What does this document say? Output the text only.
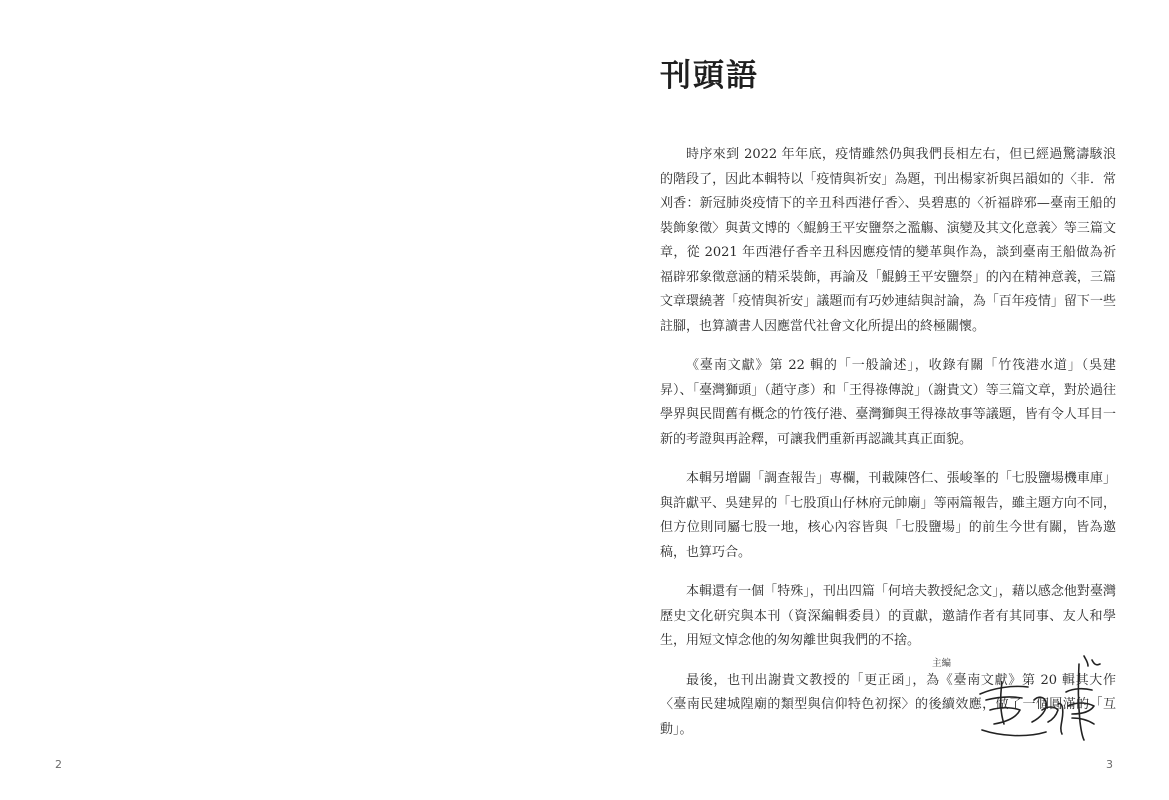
2
刊頭語

時序來到 2022 年年底，疫情雖然仍與我們長相左右，但已經過驚濤駭浪的階段了，因此本輯特以「疫情與祈安」為題，刊出楊家祈與呂韻如的〈非．常刈香：新冠肺炎疫情下的辛丑科西港仔香〉、吳碧惠的〈祈福辟邪—臺南王船的裝飾象徵〉與黃文博的〈鯤鯓王平安鹽祭之濫觴、演變及其文化意義〉等三篇文章，從 2021 年西港仔香辛丑科因應疫情的變革與作為，談到臺南王船做為祈福辟邪象徵意涵的精采裝飾，再論及「鯤鯓王平安鹽祭」的內在精神意義，三篇文章環繞著「疫情與祈安」議題而有巧妙連結與討論，為「百年疫情」留下一些註腳，也算讀書人因應當代社會文化所提出的終極關懷。

《臺南文獻》第 22 輯的「一般論述」，收錄有關「竹筏港水道」（吳建昇）、「臺灣獅頭」（趙守彥）和「王得祿傳說」（謝貴文）等三篇文章，對於過往學界與民間舊有概念的竹筏仔港、臺灣獅與王得祿故事等議題，皆有令人耳目一新的考證與再詮釋，可讓我們重新再認識其真正面貌。

本輯另增闢「調查報告」專欄，刊載陳啓仁、張峻峯的「七股鹽場機車庫」與許獻平、吳建昇的「七股頂山仔林府元帥廟」等兩篇報告，雖主題方向不同，但方位則同屬七股一地，核心內容皆與「七股鹽場」的前生今世有關，皆為邀稿，也算巧合。

本輯還有一個「特殊」，刊出四篇「何培夫教授紀念文」，藉以感念他對臺灣歷史文化研究與本刊（資深編輯委員）的貢獻，邀請作者有其同事、友人和學生，用短文悼念他的匆匆離世與我們的不捨。

最後，也刊出謝貴文教授的「更正函」，為《臺南文獻》第 20 輯其大作〈臺南民建城隍廟的類型與信仰特色初探〉的後續效應，做了一個圓滿的「互動」。

主編
3
